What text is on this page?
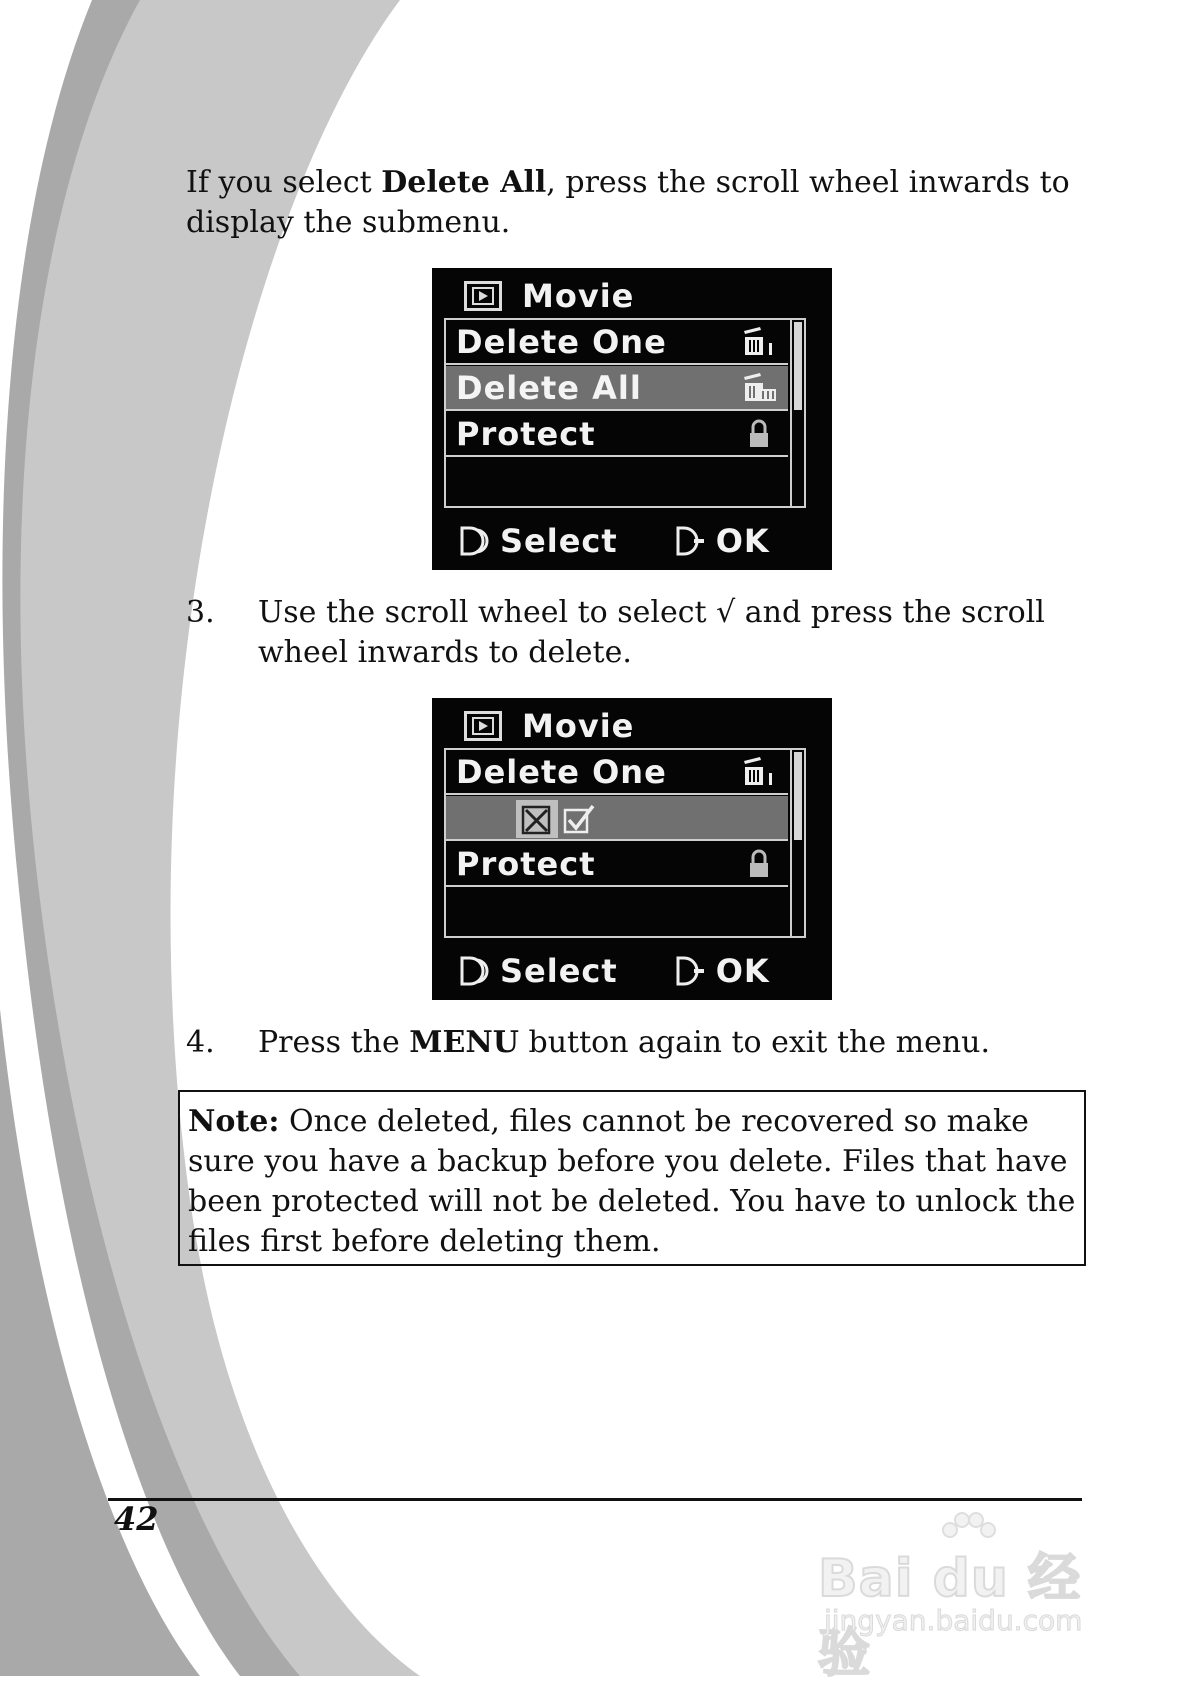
If you select Delete All, press the scroll wheel inwards to display the submenu.
Movie
Delete One
Delete All
Protect
Select	OK
3.	Use the scroll wheel to select √ and press the scroll wheel inwards to delete.
Movie
Delete One
Protect
Select	OK
4.	Press the MENU button again to exit the menu.
Note: Once deleted, files cannot be recovered so make sure you have a backup before you delete. Files that have been protected will not be deleted. You have to unlock the files first before deleting them.
42
Bai du 经验
jingyan.baidu.com
